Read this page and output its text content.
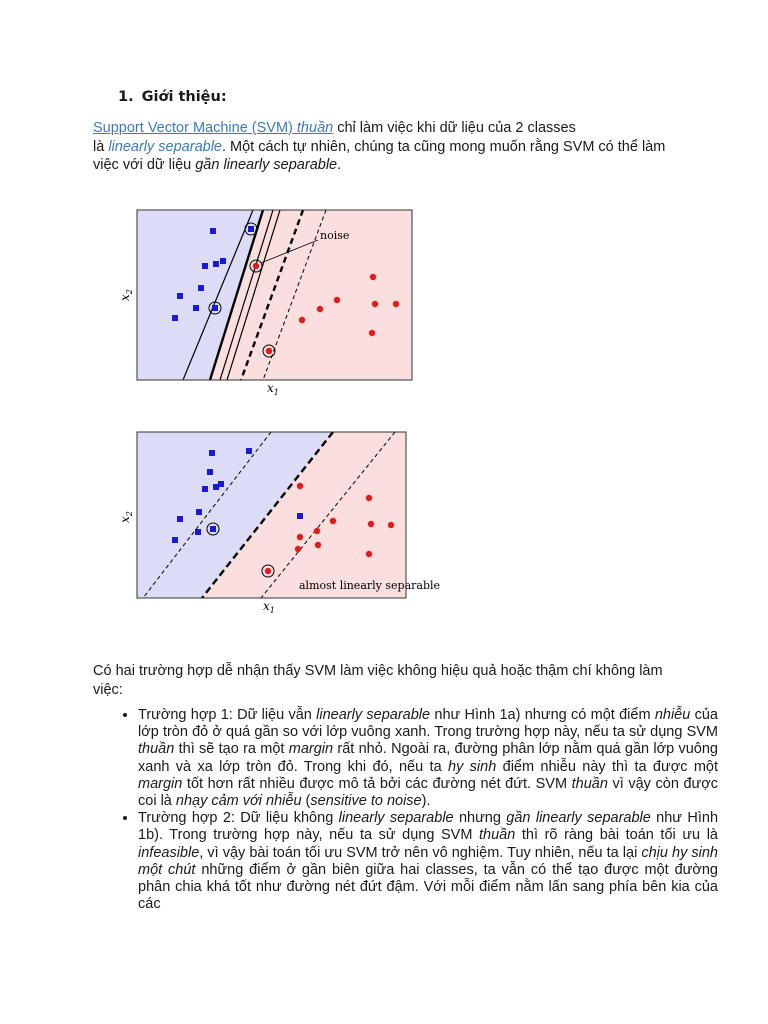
1. Giới thiệu:

Support Vector Machine (SVM) thuần chỉ làm việc khi dữ liệu của 2 classes
là linearly separable. Một cách tự nhiên, chúng ta cũng mong muốn rằng SVM có thể làm việc với dữ liệu gần linearly separable.

noise
$x_1$
$x_2$
almost linearly separable
$x_1$
$x_2$

Có hai trường hợp dễ nhận thấy SVM làm việc không hiệu quả hoặc thậm chí không làm việc:

• Trường hợp 1: Dữ liệu vẫn linearly separable như Hình 1a) nhưng có một điểm nhiễu của lớp tròn đỏ ở quá gần so với lớp vuông xanh. Trong trường hợp này, nếu ta sử dụng SVM thuần thì sẽ tạo ra một margin rất nhỏ. Ngoài ra, đường phân lớp nằm quá gần lớp vuông xanh và xa lớp tròn đỏ. Trong khi đó, nếu ta hy sinh điểm nhiễu này thì ta được một margin tốt hơn rất nhiều được mô tả bởi các đường nét đứt. SVM thuần vì vậy còn được coi là nhạy cảm với nhiễu (sensitive to noise).
• Trường hợp 2: Dữ liệu không linearly separable nhưng gần linearly separable như Hình 1b). Trong trường hợp này, nếu ta sử dụng SVM thuần thì rõ ràng bài toán tối ưu là infeasible, vì vậy bài toán tối ưu SVM trở nên vô nghiệm. Tuy nhiên, nếu ta lại chịu hy sinh một chút những điểm ở gần biên giữa hai classes, ta vẫn có thể tạo được một đường phân chia khá tốt như đường nét đứt đậm. Với mỗi điểm nằm lấn sang phía bên kia của các
